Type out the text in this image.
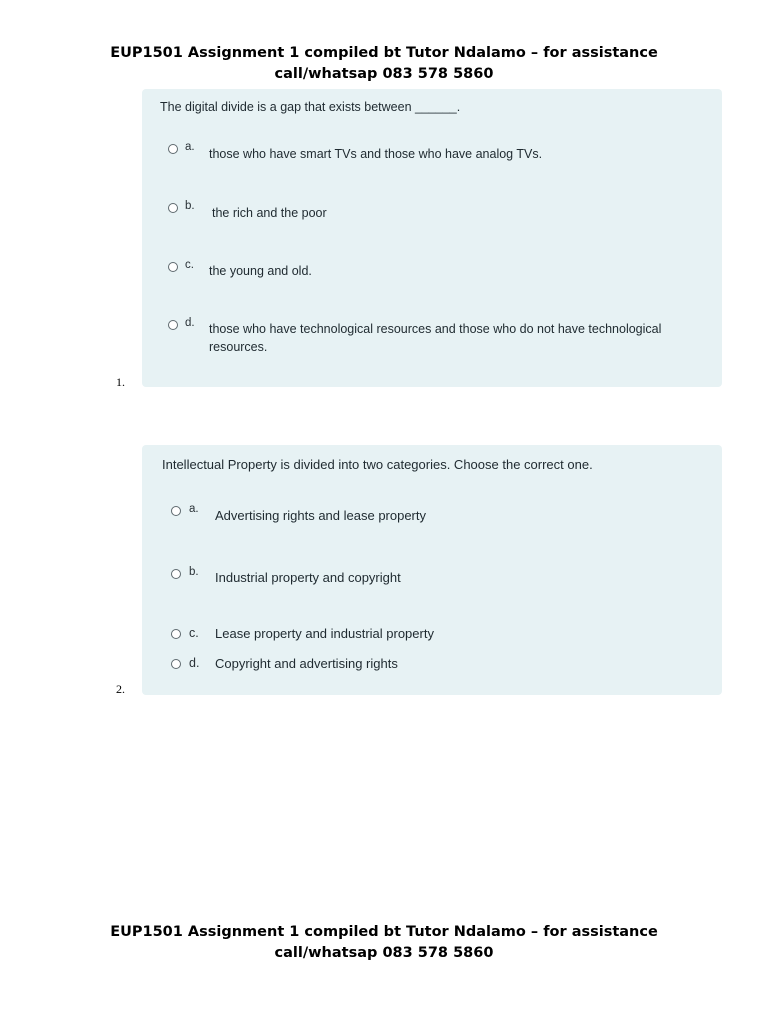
EUP1501 Assignment 1 compiled bt Tutor Ndalamo – for assistance
call/whatsap 083 578 5860
The digital divide is a gap that exists between ______.
a. those who have smart TVs and those who have analog TVs.
b. the rich and the poor
c. the young and old.
d. those who have technological resources and those who do not have technological resources.
1.
Intellectual Property is divided into two categories. Choose the correct one.
a. Advertising rights and lease property
b. Industrial property and copyright
c. Lease property and industrial property
d. Copyright and advertising rights
2.
EUP1501 Assignment 1 compiled bt Tutor Ndalamo – for assistance
call/whatsap 083 578 5860
